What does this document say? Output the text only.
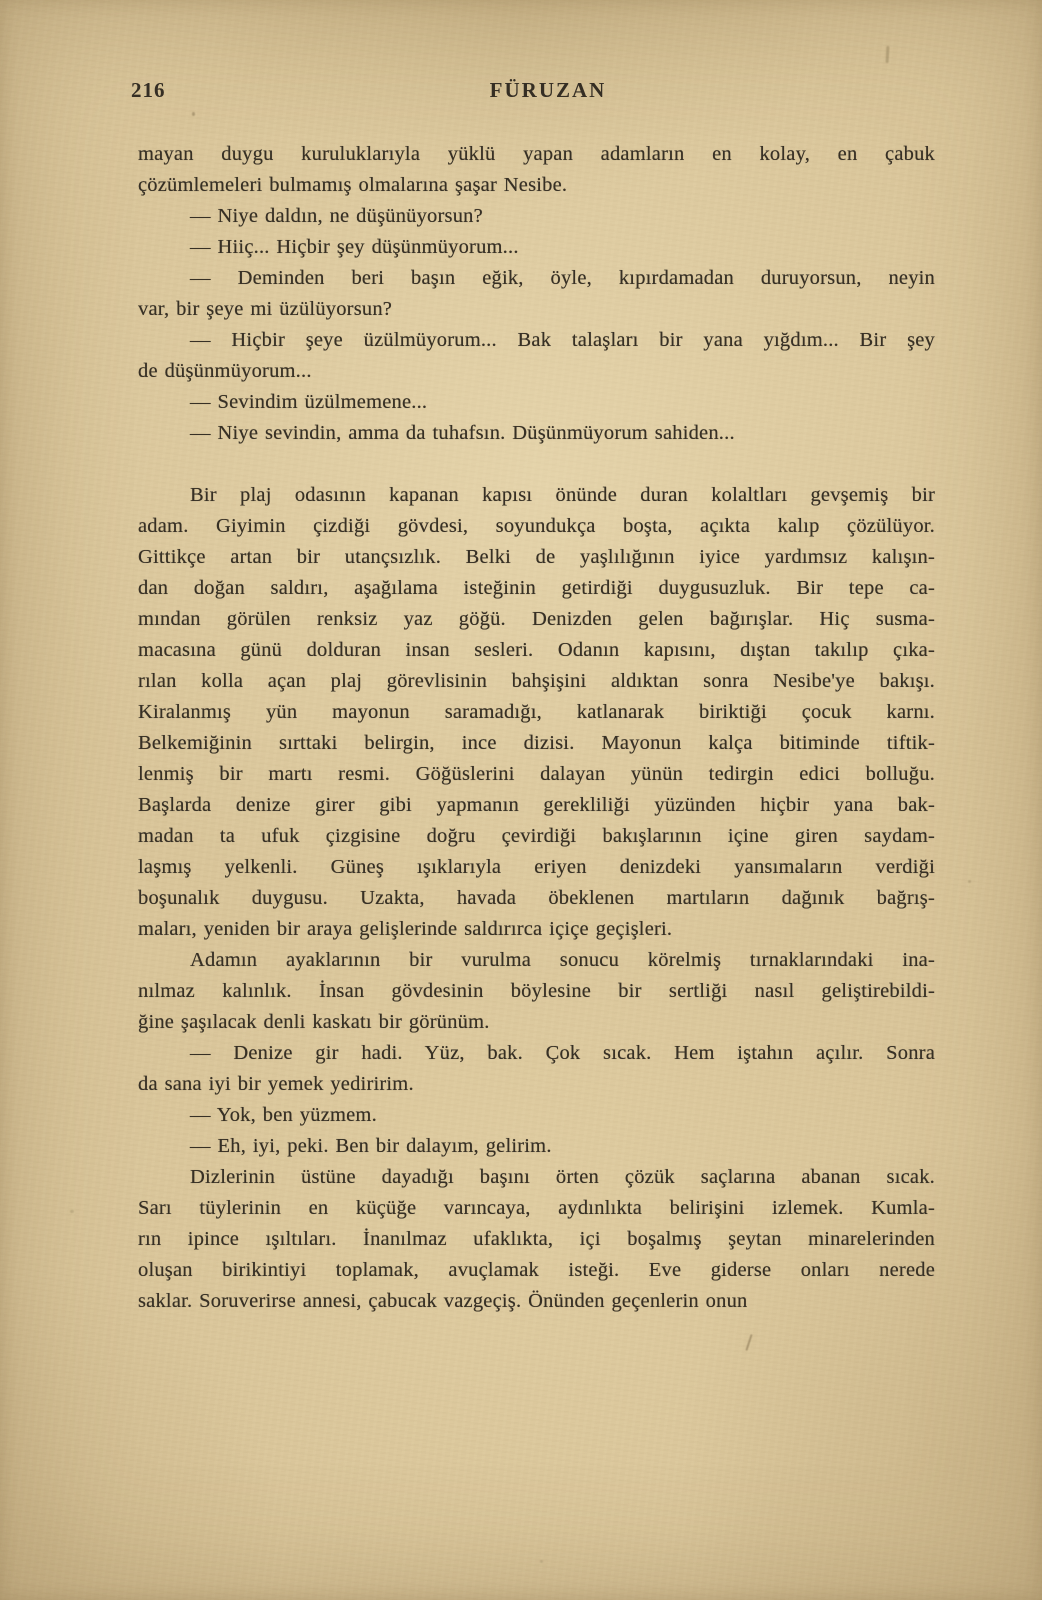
216	FÜRUZAN
mayan duygu kuruluklarıyla yüklü yapan adamların en kolay, en çabuk
çözümlemeleri bulmamış olmalarına şaşar Nesibe.
— Niye daldın, ne düşünüyorsun?
— Hiiç... Hiçbir şey düşünmüyorum...
— Deminden beri başın eğik, öyle, kıpırdamadan duruyorsun, neyin
var, bir şeye mi üzülüyorsun?
— Hiçbir şeye üzülmüyorum... Bak talaşları bir yana yığdım... Bir şey
de düşünmüyorum...
— Sevindim üzülmemene...
— Niye sevindin, amma da tuhafsın. Düşünmüyorum sahiden...
Bir plaj odasının kapanan kapısı önünde duran kolaltları gevşemiş bir
adam. Giyimin çizdiği gövdesi, soyundukça boşta, açıkta kalıp çözülüyor.
Gittikçe artan bir utançsızlık. Belki de yaşlılığının iyice yardımsız kalışın-
dan doğan saldırı, aşağılama isteğinin getirdiği duygusuzluk. Bir tepe ca-
mından görülen renksiz yaz göğü. Denizden gelen bağırışlar. Hiç susma-
macasına günü dolduran insan sesleri. Odanın kapısını, dıştan takılıp çıka-
rılan kolla açan plaj görevlisinin bahşişini aldıktan sonra Nesibe'ye bakışı.
Kiralanmış yün mayonun saramadığı, katlanarak biriktiği çocuk karnı.
Belkemiğinin sırttaki belirgin, ince dizisi. Mayonun kalça bitiminde tiftik-
lenmiş bir martı resmi. Göğüslerini dalayan yünün tedirgin edici bolluğu.
Başlarda denize girer gibi yapmanın gerekliliği yüzünden hiçbir yana bak-
madan ta ufuk çizgisine doğru çevirdiği bakışlarının içine giren saydam-
laşmış yelkenli. Güneş ışıklarıyla eriyen denizdeki yansımaların verdiği
boşunalık duygusu. Uzakta, havada öbeklenen martıların dağınık bağrış-
maları, yeniden bir araya gelişlerinde saldırırca içiçe geçişleri.
Adamın ayaklarının bir vurulma sonucu körelmiş tırnaklarındaki ina-
nılmaz kalınlık. İnsan gövdesinin böylesine bir sertliği nasıl geliştirebildi-
ğine şaşılacak denli kaskatı bir görünüm.
— Denize gir hadi. Yüz, bak. Çok sıcak. Hem iştahın açılır. Sonra
da sana iyi bir yemek yediririm.
— Yok, ben yüzmem.
— Eh, iyi, peki. Ben bir dalayım, gelirim.
Dizlerinin üstüne dayadığı başını örten çözük saçlarına abanan sıcak.
Sarı tüylerinin en küçüğe varıncaya, aydınlıkta belirişini izlemek. Kumla-
rın ipince ışıltıları. İnanılmaz ufaklıkta, içi boşalmış şeytan minarelerinden
oluşan birikintiyi toplamak, avuçlamak isteği. Eve giderse onları nerede
saklar. Soruverirse annesi, çabucak vazgeçiş. Önünden geçenlerin onun
